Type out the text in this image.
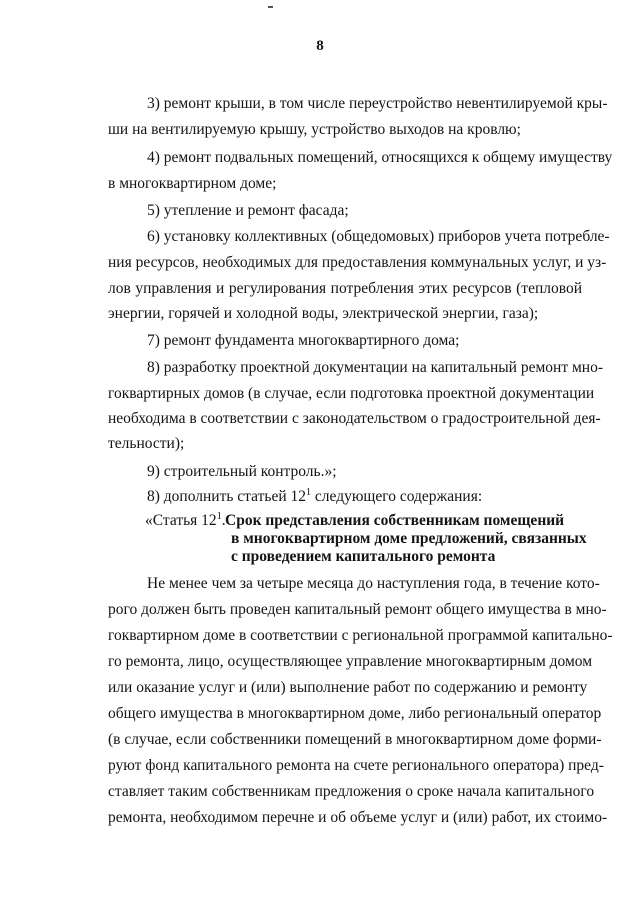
8
3) ремонт крыши, в том числе переустройство невентилируемой кры-
ши на вентилируемую крышу, устройство выходов на кровлю;
4) ремонт подвальных помещений, относящихся к общему имуществу
в многоквартирном доме;
5) утепление и ремонт фасада;
6) установку коллективных (общедомовых) приборов учета потребле-
ния ресурсов, необходимых для предоставления коммунальных услуг, и уз-
лов управления и регулирования потребления этих ресурсов (тепловой
энергии, горячей и холодной воды, электрической энергии, газа);
7) ремонт фундамента многоквартирного дома;
8) разработку проектной документации на капитальный ремонт мно-
гоквартирных домов (в случае, если подготовка проектной документации
необходима в соответствии с законодательством о градостроительной дея-
тельности);
9) строительный контроль.»;
8) дополнить статьей $12^1$ следующего содержания:
«Статья $12^1$. Срок представления собственникам помещений
в многоквартирном доме предложений, связанных
с проведением капитального ремонта
Не менее чем за четыре месяца до наступления года, в течение кото-
рого должен быть проведен капитальный ремонт общего имущества в мно-
гоквартирном доме в соответствии с региональной программой капитально-
го ремонта, лицо, осуществляющее управление многоквартирным домом
или оказание услуг и (или) выполнение работ по содержанию и ремонту
общего имущества в многоквартирном доме, либо региональный оператор
(в случае, если собственники помещений в многоквартирном доме форми-
руют фонд капитального ремонта на счете регионального оператора) пред-
ставляет таким собственникам предложения о сроке начала капитального
ремонта, необходимом перечне и об объеме услуг и (или) работ, их стоимо-
